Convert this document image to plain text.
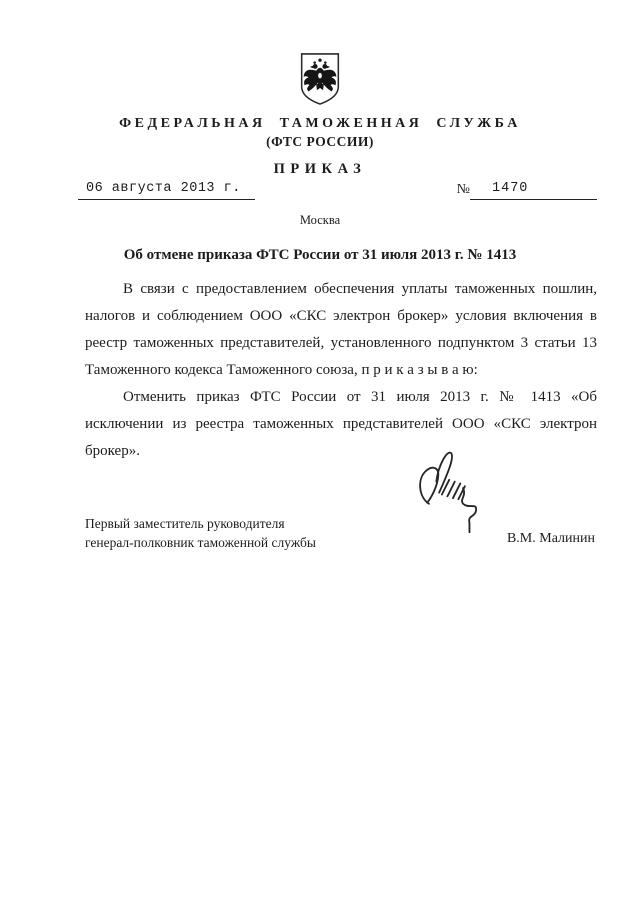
ФЕДЕРАЛЬНАЯ ТАМОЖЕННАЯ СЛУЖБА
(ФТС РОССИИ)
ПРИКАЗ
06 августа 2013 г.	№	1470
Москва
Об отмене приказа ФТС России от 31 июля 2013 г. № 1413

В связи с предоставлением обеспечения уплаты таможенных пошлин, налогов и соблюдением ООО «СКС электрон брокер» условия включения в реестр таможенных представителей, установленного подпунктом 3 статьи 13 Таможенного кодекса Таможенного союза, п р и к а з ы в а ю:

Отменить приказ ФТС России от 31 июля 2013 г. № 1413 «Об исключении из реестра таможенных представителей ООО «СКС электрон брокер».

Первый заместитель руководителя
генерал-полковник таможенной службы	В.М. Малинин
